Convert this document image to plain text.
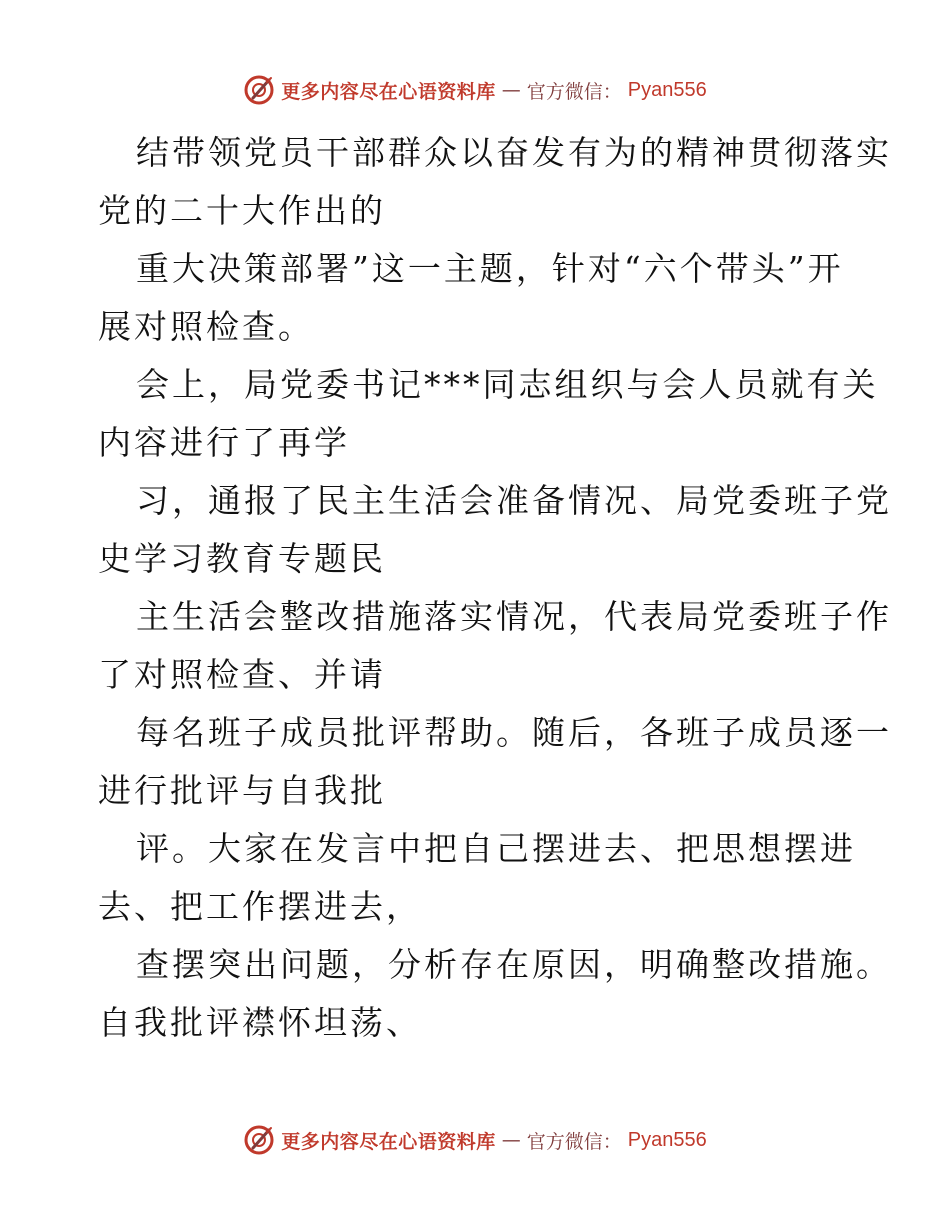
更多内容尽在心语资料库 — 官方微信： Pyan556
结带领党员干部群众以奋发有为的精神贯彻落实
党的二十大作出的
重大决策部署”这一主题，针对“六个带头”开
展对照检查。
会上，局党委书记***同志组织与会人员就有关
内容进行了再学
习，通报了民主生活会准备情况、局党委班子党
史学习教育专题民
主生活会整改措施落实情况，代表局党委班子作
了对照检查、并请
每名班子成员批评帮助。随后，各班子成员逐一
进行批评与自我批
评。大家在发言中把自己摆进去、把思想摆进
去、把工作摆进去，
查摆突出问题，分析存在原因，明确整改措施。
自我批评襟怀坦荡、
更多内容尽在心语资料库 — 官方微信： Pyan556
